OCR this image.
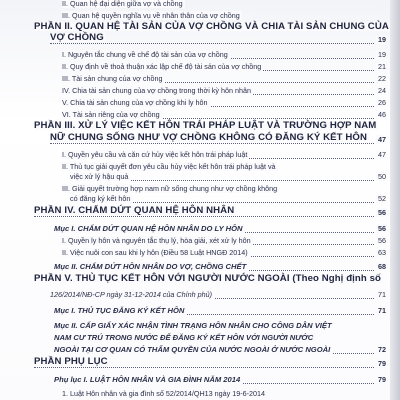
II. Quan hệ đại diện giữa vợ và chồng
III. Quan hệ quyền nghĩa vụ về nhân thân của vợ chồng
PHẦN II. QUAN HỆ TÀI SẢN CỦA VỢ CHỒNG VÀ CHIA TÀI SẢN CHUNG CỦA
VỢ CHỒNG	19
I. Nguyên tắc chung về chế độ tài sản của vợ chồng	19
II. Quy định về thoả thuận xác lập chế độ tài sản của vợ chồng	21
III. Tài sản chung của vợ chồng	22
IV. Chia tài sản chung của vợ chồng trong thời kỳ hôn nhân	24
V. Chia tài sản chung của vợ chồng khi ly hôn	26
VI. Tài sản riêng của vợ chồng	46
PHẦN III. XỬ LÝ VIỆC KẾT HÔN TRÁI PHÁP LUẬT VÀ TRƯỜNG HỢP NAM
NỮ CHUNG SỐNG NHƯ VỢ CHỒNG KHÔNG CÓ ĐĂNG KÝ KẾT HÔN 47
I. Quyền yêu cầu và căn cứ hủy việc kết hôn trái pháp luật	47
II. Thủ tục giải quyết đơn yêu cầu hủy việc kết hôn trái pháp luật và
việc xử lý hậu quả	50
III. Giải quyết trường hợp nam nữ sống chung như vợ chồng không
có đăng ký kết hôn	52
PHẦN IV. CHẤM DỨT QUAN HỆ HÔN NHÂN	56
Mục I. CHẤM DỨT QUAN HỆ HÔN NHÂN DO LY HÔN	56
I. Quyền ly hôn và nguyên tắc thụ lý, hòa giải, xét xử ly hôn	56
II. Việc nuôi con sau khi ly hôn (Điều 58 Luật HNGĐ 2014)	63
Mục II. CHẤM DỨT HÔN NHÂN DO VỢ, CHỒNG CHẾT	68
PHẦN V. THỦ TỤC KẾT HÔN VỚI NGƯỜI NƯỚC NGOÀI (Theo Nghị định số
126/2014/NĐ-CP ngày 31-12-2014 của Chính phủ)	71
Mục I. THỦ TỤC ĐĂNG KÝ KẾT HÔN	71
Mục II. CẤP GIẤY XÁC NHẬN TÌNH TRẠNG HÔN NHÂN CHO CÔNG DÂN VIỆT
NAM CƯ TRÚ TRONG NƯỚC ĐỂ ĐĂNG KÝ KẾT HÔN VỚI NGƯỜI NƯỚC
NGOÀI TẠI CƠ QUAN CÓ THẨM QUYỀN CỦA NƯỚC NGOÀI Ở NƯỚC NGOÀI	72
PHẦN PHỤ LỤC	79
Phụ lục I. LUẬT HÔN NHÂN VÀ GIA ĐÌNH NĂM 2014	79
1. Luật Hôn nhân và gia đình số 52/2014/QH13 ngày 19-6-2014
